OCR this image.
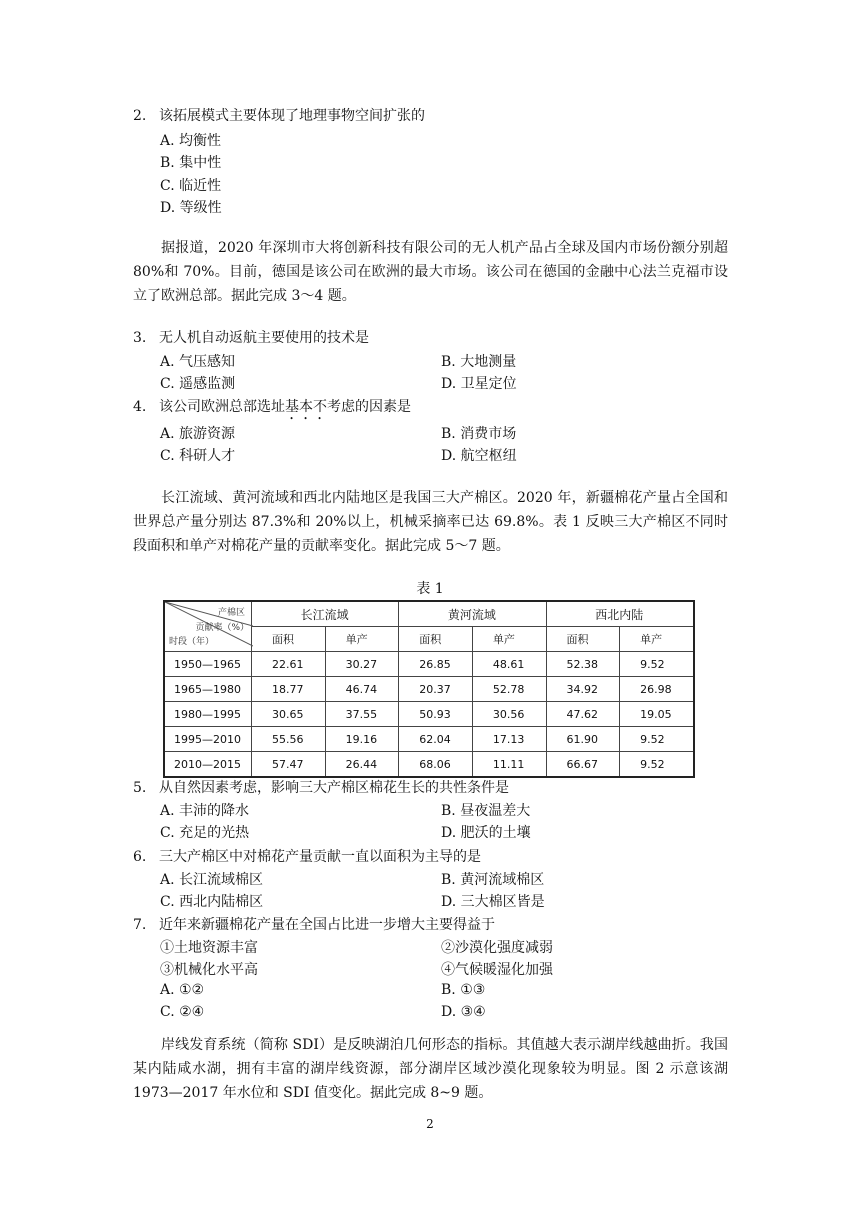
2. 该拓展模式主要体现了地理事物空间扩张的
A. 均衡性
B. 集中性
C. 临近性
D. 等级性
据报道，2020 年深圳市大将创新科技有限公司的无人机产品占全球及国内市场份额分别超 80%和 70%。目前，德国是该公司在欧洲的最大市场。该公司在德国的金融中心法兰克福市设立了欧洲总部。据此完成 3～4 题。
3. 无人机自动返航主要使用的技术是
A. 气压感知	B. 大地测量
C. 遥感监测	D. 卫星定位
4. 该公司欧洲总部选址基本不考虑的因素是
A. 旅游资源	B. 消费市场
C. 科研人才	D. 航空枢纽
长江流域、黄河流域和西北内陆地区是我国三大产棉区。2020 年，新疆棉花产量占全国和世界总产量分别达 87.3%和 20%以上，机械采摘率已达 69.8%。表 1 反映三大产棉区不同时段面积和单产对棉花产量的贡献率变化。据此完成 5～7 题。
表 1
产棉区
贡献率（%）
时段（年）	长江流域		黄河流域		西北内陆	
	面积	单产	面积	单产	面积	单产
1950—1965	22.61	30.27	26.85	48.61	52.38	9.52
1965—1980	18.77	46.74	20.37	52.78	34.92	26.98
1980—1995	30.65	37.55	50.93	30.56	47.62	19.05
1995—2010	55.56	19.16	62.04	17.13	61.90	9.52
2010—2015	57.47	26.44	68.06	11.11	66.67	9.52
5. 从自然因素考虑，影响三大产棉区棉花生长的共性条件是
A. 丰沛的降水	B. 昼夜温差大
C. 充足的光热	D. 肥沃的土壤
6. 三大产棉区中对棉花产量贡献一直以面积为主导的是
A. 长江流域棉区	B. 黄河流域棉区
C. 西北内陆棉区	D. 三大棉区皆是
7. 近年来新疆棉花产量在全国占比进一步增大主要得益于
①土地资源丰富	②沙漠化强度减弱
③机械化水平高	④气候暖湿化加强
A. ①②	B. ①③
C. ②④	D. ③④
岸线发育系统（简称 SDI）是反映湖泊几何形态的指标。其值越大表示湖岸线越曲折。我国某内陆咸水湖，拥有丰富的湖岸线资源，部分湖岸区域沙漠化现象较为明显。图 2 示意该湖 1973—2017 年水位和 SDI 值变化。据此完成 8~9 题。
2
